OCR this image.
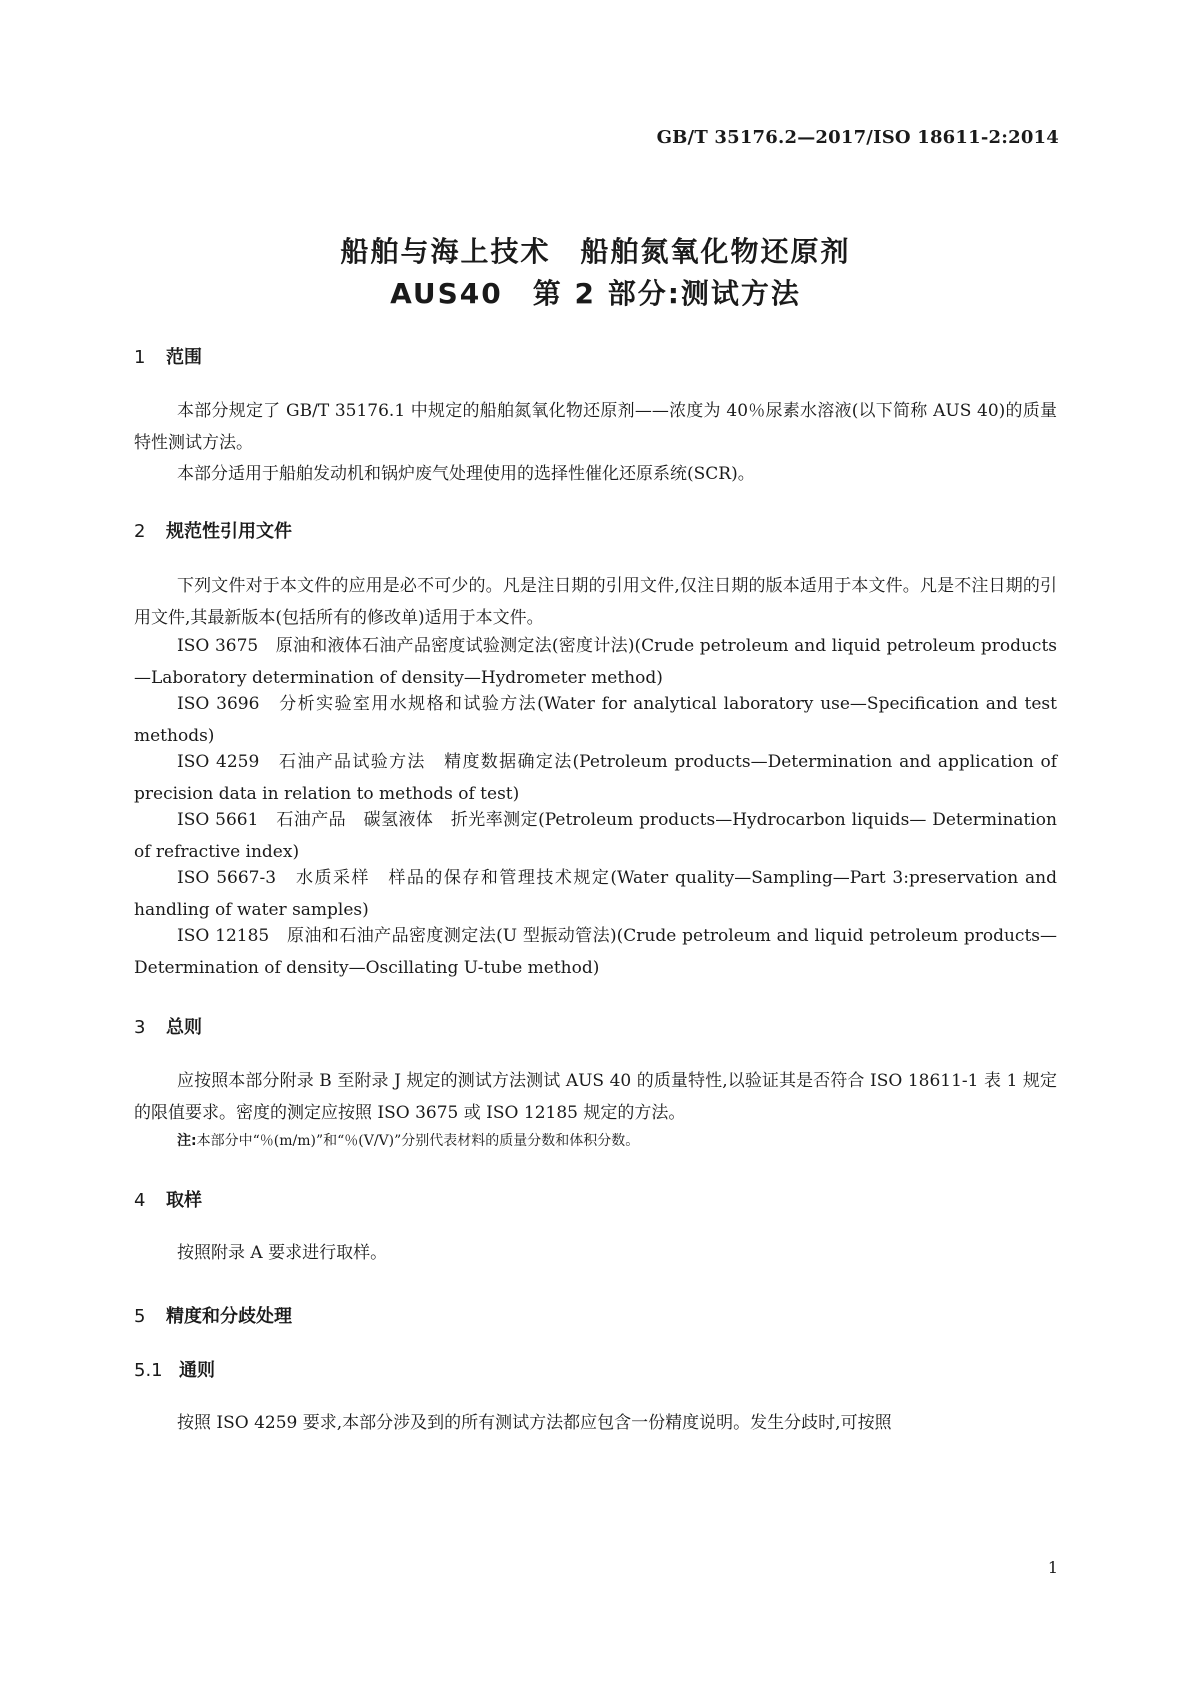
GB/T 35176.2—2017/ISO 18611-2:2014
船舶与海上技术　船舶氮氧化物还原剂
AUS40　第 2 部分:测试方法
1 范围

本部分规定了 GB/T 35176.1 中规定的船舶氮氧化物还原剂——浓度为 40％尿素水溶液(以下简称 AUS 40)的质量特性测试方法。

本部分适用于船舶发动机和锅炉废气处理使用的选择性催化还原系统(SCR)。

2 规范性引用文件

下列文件对于本文件的应用是必不可少的。凡是注日期的引用文件,仅注日期的版本适用于本文件。凡是不注日期的引用文件,其最新版本(包括所有的修改单)适用于本文件。

ISO 3675　原油和液体石油产品密度试验测定法(密度计法)(Crude petroleum and liquid petroleum products—Laboratory determination of density—Hydrometer method)

ISO 3696　分析实验室用水规格和试验方法(Water for analytical laboratory use—Specification and test methods)

ISO 4259　石油产品试验方法　精度数据确定法(Petroleum products—Determination and application of precision data in relation to methods of test)

ISO 5661　石油产品　碳氢液体　折光率测定(Petroleum products—Hydrocarbon liquids— Determination of refractive index)

ISO 5667-3　水质采样　样品的保存和管理技术规定(Water quality—Sampling—Part 3:preservation and handling of water samples)

ISO 12185　原油和石油产品密度测定法(U 型振动管法)(Crude petroleum and liquid petroleum products—Determination of density—Oscillating U-tube method)

3 总则

应按照本部分附录 B 至附录 J 规定的测试方法测试 AUS 40 的质量特性,以验证其是否符合 ISO 18611-1 表 1 规定的限值要求。密度的测定应按照 ISO 3675 或 ISO 12185 规定的方法。

注:本部分中“％(m/m)”和“％(V/V)”分别代表材料的质量分数和体积分数。
4 取样

按照附录 A 要求进行取样。

5 精度和分歧处理
5.1 通则

按照 ISO 4259 要求,本部分涉及到的所有测试方法都应包含一份精度说明。发生分歧时,可按照

1
